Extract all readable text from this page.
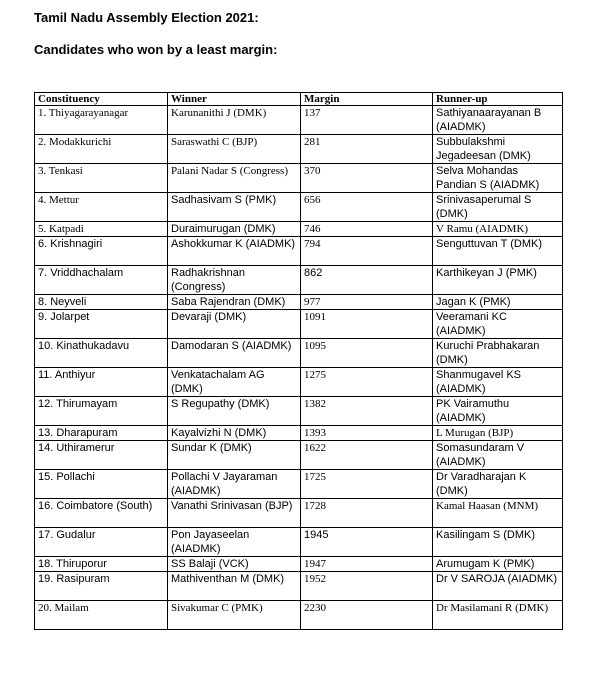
Tamil Nadu Assembly Election 2021:

Candidates who won by a least margin:

Constituency	Winner	Margin	Runner-up
1. Thiyagarayanagar	Karunanithi J (DMK)	137	Sathiyanaarayanan B (AIADMK)
2. Modakkurichi	Saraswathi C (BJP)	281	Subbulakshmi Jegadeesan (DMK)
3. Tenkasi	Palani Nadar S (Congress)	370	Selva Mohandas Pandian S (AIADMK)
4. Mettur	Sadhasivam S (PMK)	656	Srinivasaperumal S (DMK)
5. Katpadi	Duraimurugan (DMK)	746	V Ramu (AIADMK)
6. Krishnagiri	Ashokkumar K (AIADMK)	794	Senguttuvan T (DMK)
7. Vriddhachalam	Radhakrishnan (Congress)	862	Karthikeyan J (PMK)
8. Neyveli	Saba Rajendran (DMK)	977	Jagan K (PMK)
9. Jolarpet	Devaraji (DMK)	1091	Veeramani KC (AIADMK)
10. Kinathukadavu	Damodaran S (AIADMK)	1095	Kuruchi Prabhakaran (DMK)
11. Anthiyur	Venkatachalam AG (DMK)	1275	Shanmugavel KS (AIADMK)
12. Thirumayam	S Regupathy (DMK)	1382	PK Vairamuthu (AIADMK)
13. Dharapuram	Kayalvizhi N (DMK)	1393	L Murugan (BJP)
14. Uthiramerur	Sundar K (DMK)	1622	Somasundaram V (AIADMK)
15. Pollachi	Pollachi V Jayaraman (AIADMK)	1725	Dr Varadharajan K (DMK)
16. Coimbatore (South)	Vanathi Srinivasan (BJP)	1728	Kamal Haasan (MNM)
17. Gudalur	Pon Jayaseelan (AIADMK)	1945	Kasilingam S (DMK)
18. Thiruporur	SS Balaji (VCK)	1947	Arumugam K (PMK)
19. Rasipuram	Mathiventhan M (DMK)	1952	Dr V SAROJA (AIADMK)
20. Mailam	Sivakumar C (PMK)	2230	Dr Masilamani R (DMK)
